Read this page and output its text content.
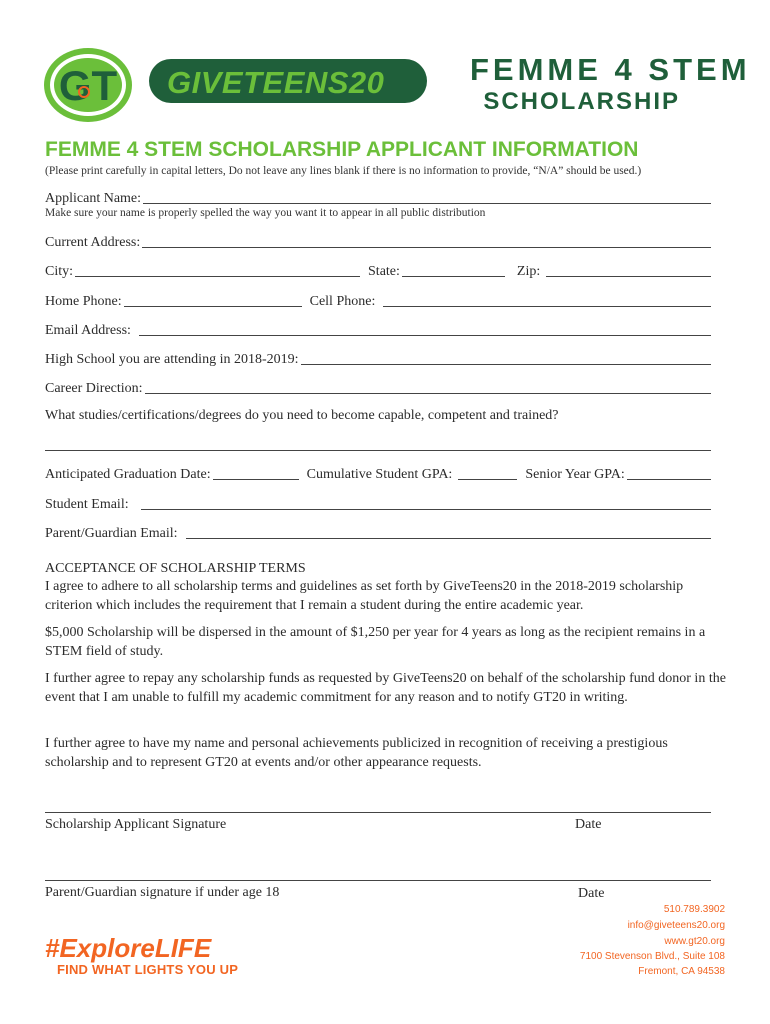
GT GIVETEENS20	FEMME 4 STEM
SCHOLARSHIP
FEMME 4 STEM SCHOLARSHIP APPLICANT INFORMATION
(Please print carefully in capital letters, Do not leave any lines blank if there is no information to provide, “N/A” should be used.)
Applicant Name:
Make sure your name is properly spelled the way you want it to appear in all public distribution
Current Address:
City:	State:	Zip:
Home Phone:	Cell Phone:
Email Address:
High School you are attending in 2018-2019:
Career Direction:
What studies/certifications/degrees do you need to become capable, competent and trained?
Anticipated Graduation Date:	Cumulative Student GPA:	Senior Year GPA:
Student Email:
Parent/Guardian Email:
ACCEPTANCE OF SCHOLARSHIP TERMS
I agree to adhere to all scholarship terms and guidelines as set forth by GiveTeens20 in the 2018-2019 scholarship criterion which includes the requirement that I remain a student during the entire academic year.
$5,000 Scholarship will be dispersed in the amount of $1,250 per year for 4 years as long as the recipient remains in a STEM field of study.
I further agree to repay any scholarship funds as requested by GiveTeens20 on behalf of the scholarship fund donor in the event that I am unable to fulfill my academic commitment for any reason and to notify GT20 in writing.
I further agree to have my name and personal achievements publicized in recognition of receiving a prestigious scholarship and to represent GT20 at events and/or other appearance requests.
Scholarship Applicant Signature	Date
Parent/Guardian signature if under age 18	Date
#ExploreLIFE
FIND WHAT LIGHTS YOU UP
510.789.3902
info@giveteens20.org
www.gt20.org
7100 Stevenson Blvd., Suite 108
Fremont, CA 94538
